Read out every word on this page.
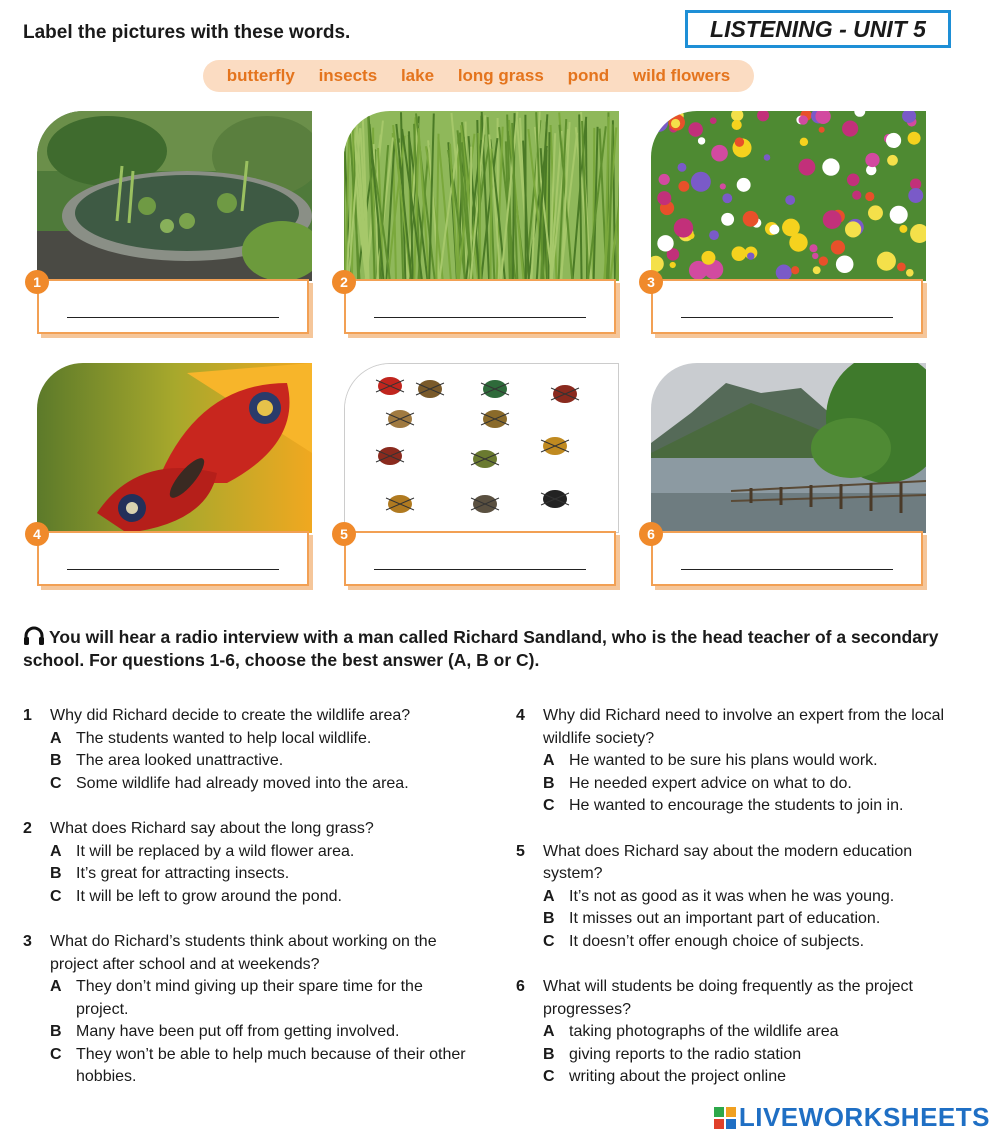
Label the pictures with these words.	LISTENING - UNIT 5
butterfly insects lake long grass pond wild flowers
1	2	3
4	5	6
You will hear a radio interview with a man called Richard Sandland, who is the head teacher of a secondary school. For questions 1-6, choose the best answer (A, B or C).
1 Why did Richard decide to create the wildlife area?
A The students wanted to help local wildlife.
B The area looked unattractive.
C Some wildlife had already moved into the area.
2 What does Richard say about the long grass?
A It will be replaced by a wild flower area.
B It’s great for attracting insects.
C It will be left to grow around the pond.
3 What do Richard’s students think about working on the project after school and at weekends?
A They don’t mind giving up their spare time for the project.
B Many have been put off from getting involved.
C They won’t be able to help much because of their other hobbies.
4 Why did Richard need to involve an expert from the local wildlife society?
A He wanted to be sure his plans would work.
B He needed expert advice on what to do.
C He wanted to encourage the students to join in.
5 What does Richard say about the modern education system?
A It’s not as good as it was when he was young.
B It misses out an important part of education.
C It doesn’t offer enough choice of subjects.
6 What will students be doing frequently as the project progresses?
A taking photographs of the wildlife area
B giving reports to the radio station
C writing about the project online
LIVEWORKSHEETS
